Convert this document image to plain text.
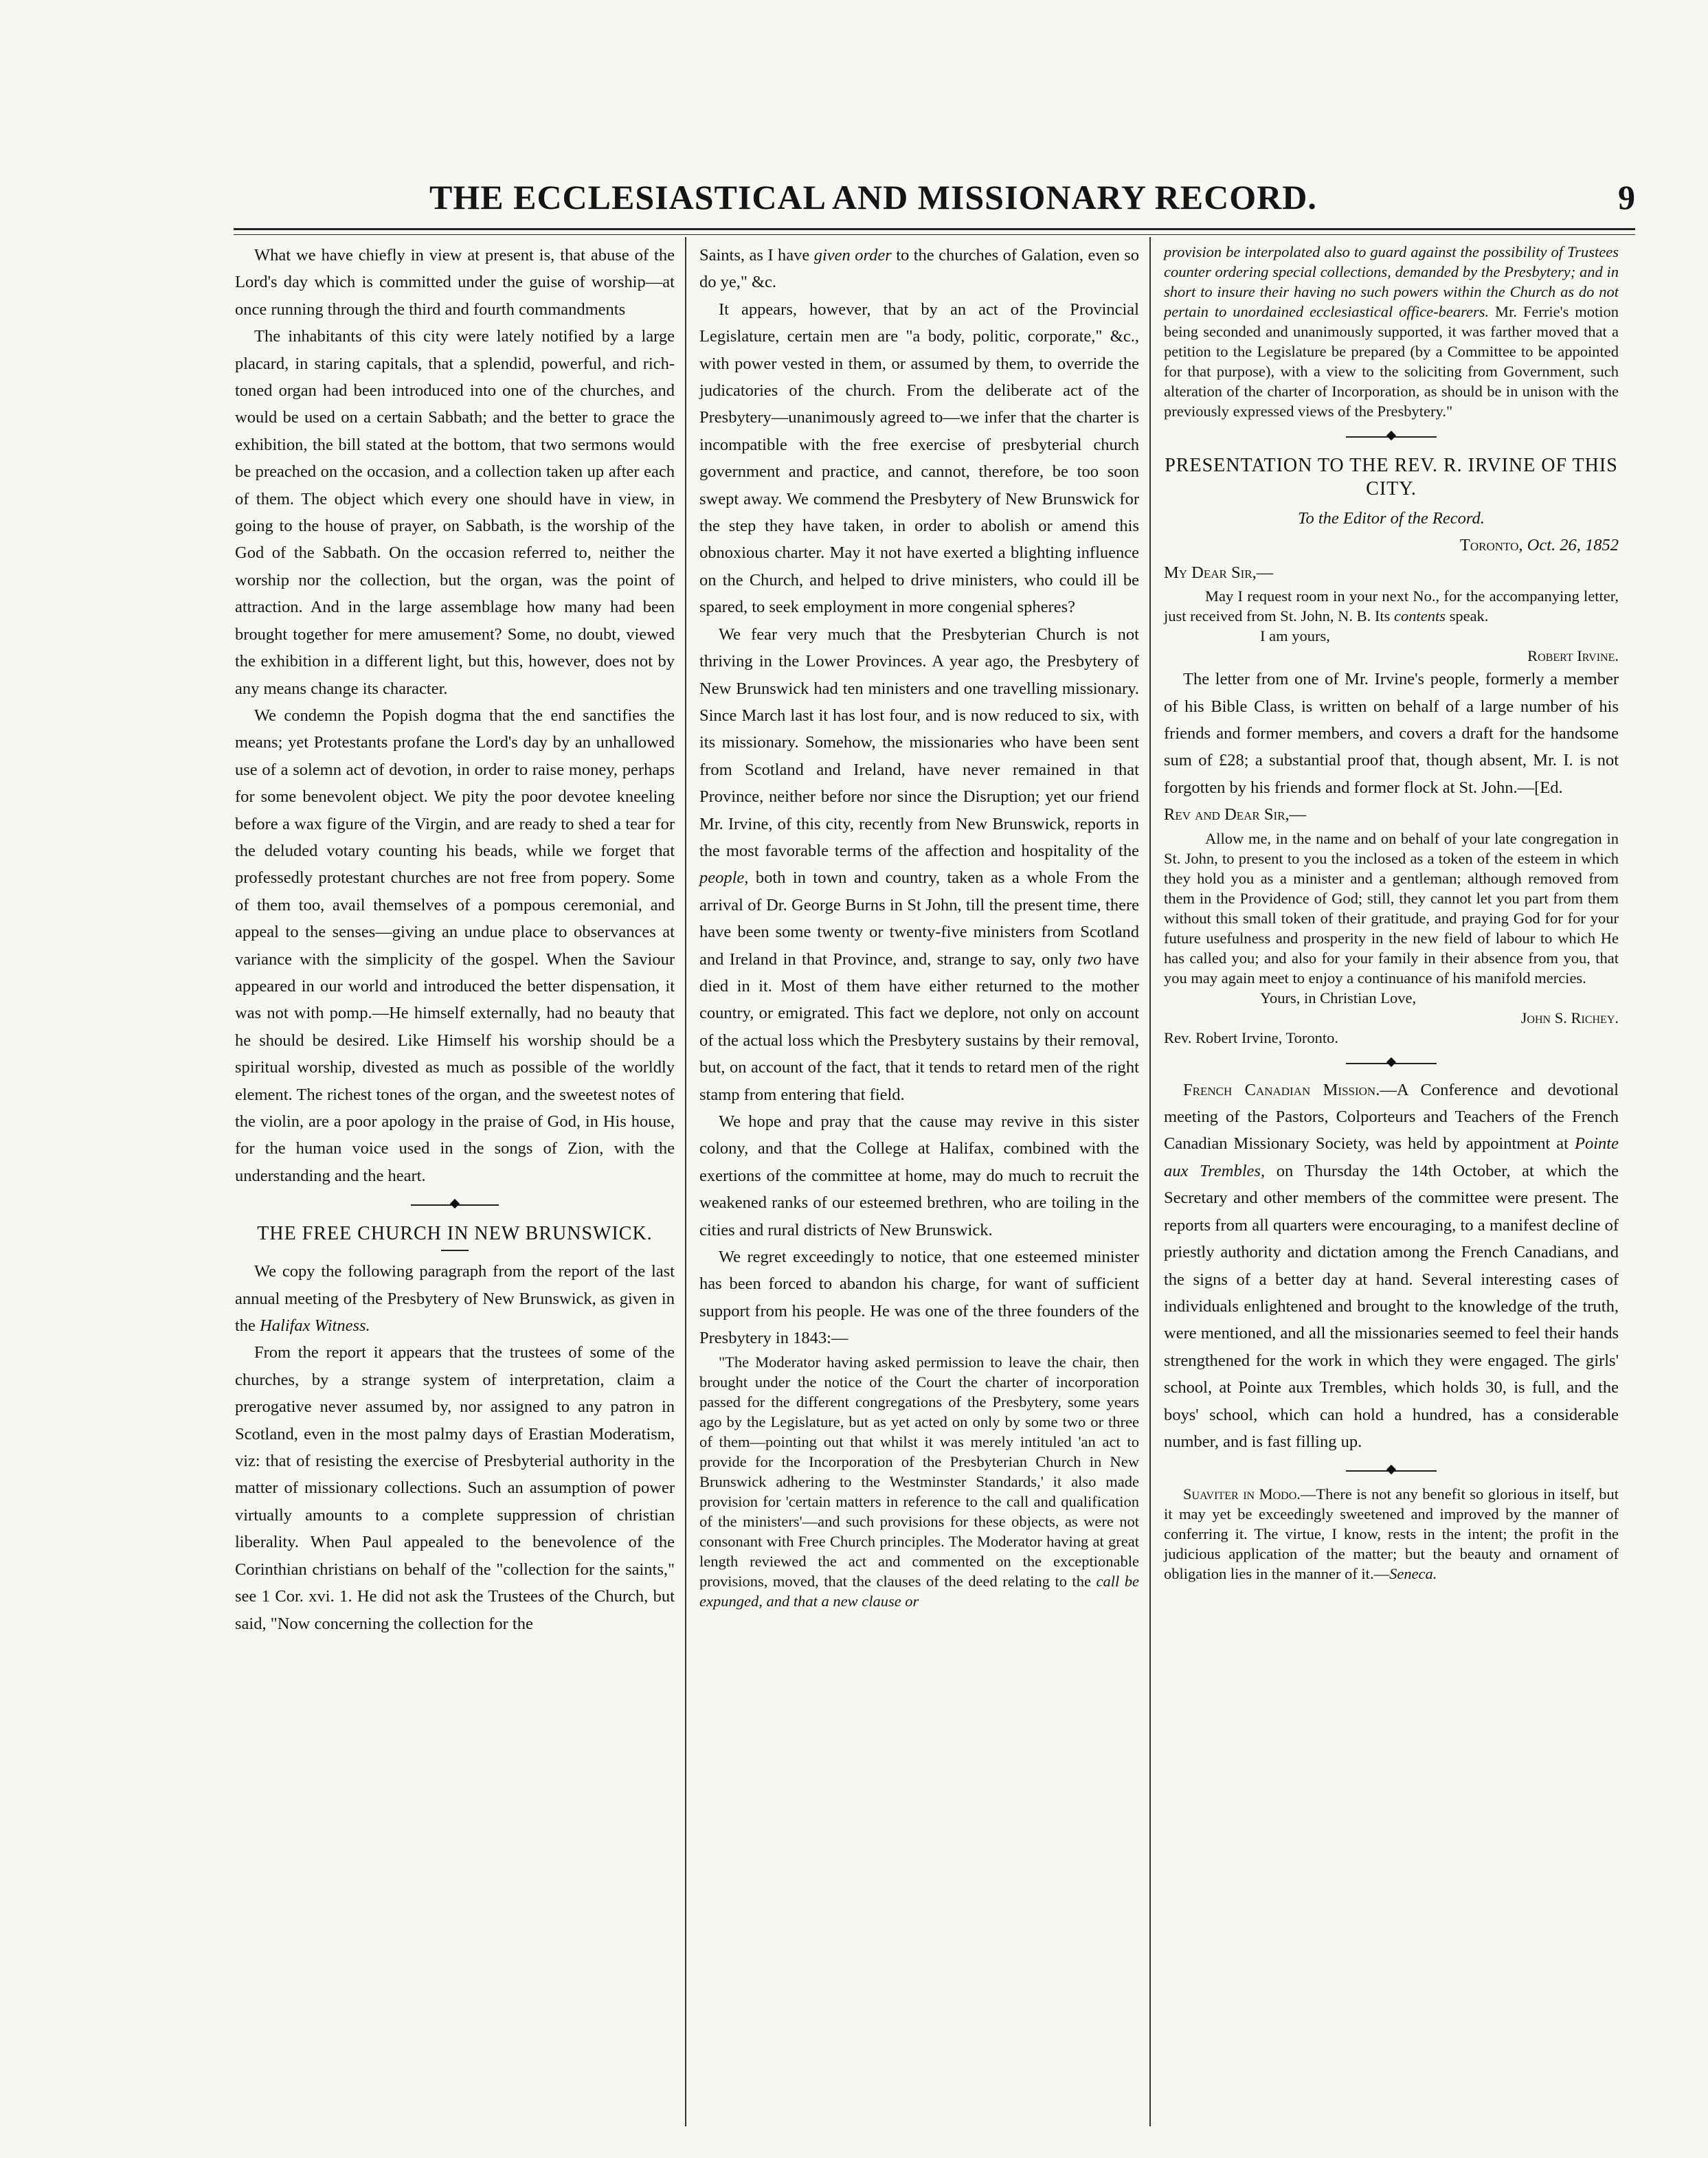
THE ECCLESIASTICAL AND MISSIONARY RECORD.	9

What we have chiefly in view at present is, that abuse of the Lord's day which is committed under the guise of worship—at once running through the third and fourth commandments

The inhabitants of this city were lately notified by a large placard, in staring capitals, that a splendid, powerful, and rich-toned organ had been introduced into one of the churches, and would be used on a certain Sabbath; and the better to grace the exhibition, the bill stated at the bottom, that two sermons would be preached on the occasion, and a collection taken up after each of them. The object which every one should have in view, in going to the house of prayer, on Sabbath, is the worship of the God of the Sabbath. On the occasion referred to, neither the worship nor the collection, but the organ, was the point of attraction. And in the large assemblage how many had been brought together for mere amusement? Some, no doubt, viewed the exhibition in a different light, but this, however, does not by any means change its character.

We condemn the Popish dogma that the end sanctifies the means; yet Protestants profane the Lord's day by an unhallowed use of a solemn act of devotion, in order to raise money, perhaps for some benevolent object. We pity the poor devotee kneeling before a wax figure of the Virgin, and are ready to shed a tear for the deluded votary counting his beads, while we forget that professedly protestant churches are not free from popery. Some of them too, avail themselves of a pompous ceremonial, and appeal to the senses—giving an undue place to observances at variance with the simplicity of the gospel. When the Saviour appeared in our world and introduced the better dispensation, it was not with pomp.—He himself externally, had no beauty that he should be desired. Like Himself his worship should be a spiritual worship, divested as much as possible of the worldly element. The richest tones of the organ, and the sweetest notes of the violin, are a poor apology in the praise of God, in His house, for the human voice used in the songs of Zion, with the understanding and the heart.

THE FREE CHURCH IN NEW BRUNSWICK.

We copy the following paragraph from the report of the last annual meeting of the Presbytery of New Brunswick, as given in the Halifax Witness.

From the report it appears that the trustees of some of the churches, by a strange system of interpretation, claim a prerogative never assumed by, nor assigned to any patron in Scotland, even in the most palmy days of Erastian Moderatism, viz: that of resisting the exercise of Presbyterial authority in the matter of missionary collections. Such an assumption of power virtually amounts to a complete suppression of christian liberality. When Paul appealed to the benevolence of the Corinthian christians on behalf of the "collection for the saints," see 1 Cor. xvi. 1. He did not ask the Trustees of the Church, but said, "Now concerning the collection for the

Saints, as I have given order to the churches of Galation, even so do ye," &c.

It appears, however, that by an act of the Provincial Legislature, certain men are "a body, politic, corporate," &c., with power vested in them, or assumed by them, to override the judicatories of the church. From the deliberate act of the Presbytery—unanimously agreed to—we infer that the charter is incompatible with the free exercise of presbyterial church government and practice, and cannot, therefore, be too soon swept away. We commend the Presbytery of New Brunswick for the step they have taken, in order to abolish or amend this obnoxious charter. May it not have exerted a blighting influence on the Church, and helped to drive ministers, who could ill be spared, to seek employment in more congenial spheres?

We fear very much that the Presbyterian Church is not thriving in the Lower Provinces. A year ago, the Presbytery of New Brunswick had ten ministers and one travelling missionary. Since March last it has lost four, and is now reduced to six, with its missionary. Somehow, the missionaries who have been sent from Scotland and Ireland, have never remained in that Province, neither before nor since the Disruption; yet our friend Mr. Irvine, of this city, recently from New Brunswick, reports in the most favorable terms of the affection and hospitality of the people, both in town and country, taken as a whole From the arrival of Dr. George Burns in St John, till the present time, there have been some twenty or twenty-five ministers from Scotland and Ireland in that Province, and, strange to say, only two have died in it. Most of them have either returned to the mother country, or emigrated. This fact we deplore, not only on account of the actual loss which the Presbytery sustains by their removal, but, on account of the fact, that it tends to retard men of the right stamp from entering that field.

We hope and pray that the cause may revive in this sister colony, and that the College at Halifax, combined with the exertions of the committee at home, may do much to recruit the weakened ranks of our esteemed brethren, who are toiling in the cities and rural districts of New Brunswick.

We regret exceedingly to notice, that one esteemed minister has been forced to abandon his charge, for want of sufficient support from his people. He was one of the three founders of the Presbytery in 1843:—

"The Moderator having asked permission to leave the chair, then brought under the notice of the Court the charter of incorporation passed for the different congregations of the Presbytery, some years ago by the Legislature, but as yet acted on only by some two or three of them—pointing out that whilst it was merely intituled 'an act to provide for the Incorporation of the Presbyterian Church in New Brunswick adhering to the Westminster Standards,' it also made provision for 'certain matters in reference to the call and qualification of the ministers'—and such provisions for these objects, as were not consonant with Free Church principles. The Moderator having at great length reviewed the act and commented on the exceptionable provisions, moved, that the clauses of the deed relating to the call be expunged, and that a new clause or

provision be interpolated also to guard against the possibility of Trustees counter ordering special collections, demanded by the Presbytery; and in short to insure their having no such powers within the Church as do not pertain to unordained ecclesiastical office-bearers. Mr. Ferrie's motion being seconded and unanimously supported, it was farther moved that a petition to the Legislature be prepared (by a Committee to be appointed for that purpose), with a view to the soliciting from Government, such alteration of the charter of Incorporation, as should be in unison with the previously expressed views of the Presbytery."

PRESENTATION TO THE REV. R. IRVINE OF THIS CITY.

To the Editor of the Record.

Toronto, Oct. 26, 1852

My Dear Sir,—

May I request room in your next No., for the accompanying letter, just received from St. John, N. B. Its contents speak.

I am yours,

Robert Irvine.

The letter from one of Mr. Irvine's people, formerly a member of his Bible Class, is written on behalf of a large number of his friends and former members, and covers a draft for the handsome sum of £28; a substantial proof that, though absent, Mr. I. is not forgotten by his friends and former flock at St. John.—[Ed.

Rev and Dear Sir,—

Allow me, in the name and on behalf of your late congregation in St. John, to present to you the inclosed as a token of the esteem in which they hold you as a minister and a gentleman; although removed from them in the Providence of God; still, they cannot let you part from them without this small token of their gratitude, and praying God for for your future usefulness and prosperity in the new field of labour to which He has called you; and also for your family in their absence from you, that you may again meet to enjoy a continuance of his manifold mercies.

Yours, in Christian Love,

John S. Richey.

Rev. Robert Irvine, Toronto.

French Canadian Mission.—A Conference and devotional meeting of the Pastors, Colporteurs and Teachers of the French Canadian Missionary Society, was held by appointment at Pointe aux Trembles, on Thursday the 14th October, at which the Secretary and other members of the committee were present. The reports from all quarters were encouraging, to a manifest decline of priestly authority and dictation among the French Canadians, and the signs of a better day at hand. Several interesting cases of individuals enlightened and brought to the knowledge of the truth, were mentioned, and all the missionaries seemed to feel their hands strengthened for the work in which they were engaged. The girls' school, at Pointe aux Trembles, which holds 30, is full, and the boys' school, which can hold a hundred, has a considerable number, and is fast filling up.

Suaviter in Modo.—There is not any benefit so glorious in itself, but it may yet be exceedingly sweetened and improved by the manner of conferring it. The virtue, I know, rests in the intent; the profit in the judicious application of the matter; but the beauty and ornament of obligation lies in the manner of it.—Seneca.
